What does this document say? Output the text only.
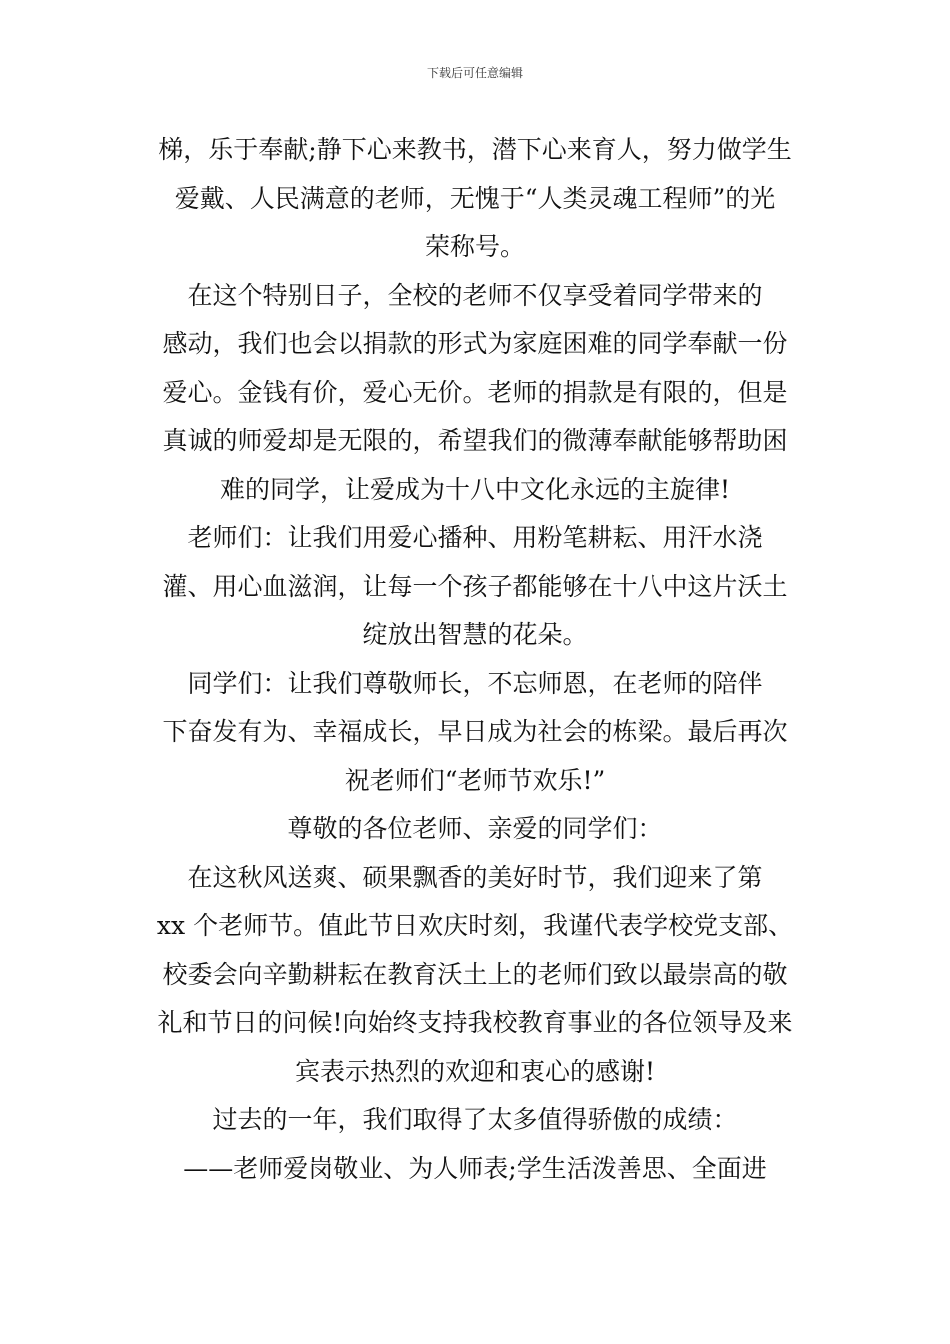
下载后可任意编辑
梯，乐于奉献;静下心来教书，潜下心来育人，努力做学生
爱戴、人民满意的老师，无愧于“人类灵魂工程师”的光
荣称号。
在这个特别日子，全校的老师不仅享受着同学带来的
感动，我们也会以捐款的形式为家庭困难的同学奉献一份
爱心。金钱有价，爱心无价。老师的捐款是有限的，但是
真诚的师爱却是无限的，希望我们的微薄奉献能够帮助困
难的同学，让爱成为十八中文化永远的主旋律!
老师们：让我们用爱心播种、用粉笔耕耘、用汗水浇
灌、用心血滋润，让每一个孩子都能够在十八中这片沃土
绽放出智慧的花朵。
同学们：让我们尊敬师长，不忘师恩，在老师的陪伴
下奋发有为、幸福成长，早日成为社会的栋梁。最后再次
祝老师们“老师节欢乐!”
尊敬的各位老师、亲爱的同学们：
在这秋风送爽、硕果飘香的美好时节，我们迎来了第
xx 个老师节。值此节日欢庆时刻，我谨代表学校党支部、
校委会向辛勤耕耘在教育沃土上的老师们致以最崇高的敬
礼和节日的问候!向始终支持我校教育事业的各位领导及来
宾表示热烈的欢迎和衷心的感谢!
过去的一年，我们取得了太多值得骄傲的成绩：
——老师爱岗敬业、为人师表;学生活泼善思、全面进
